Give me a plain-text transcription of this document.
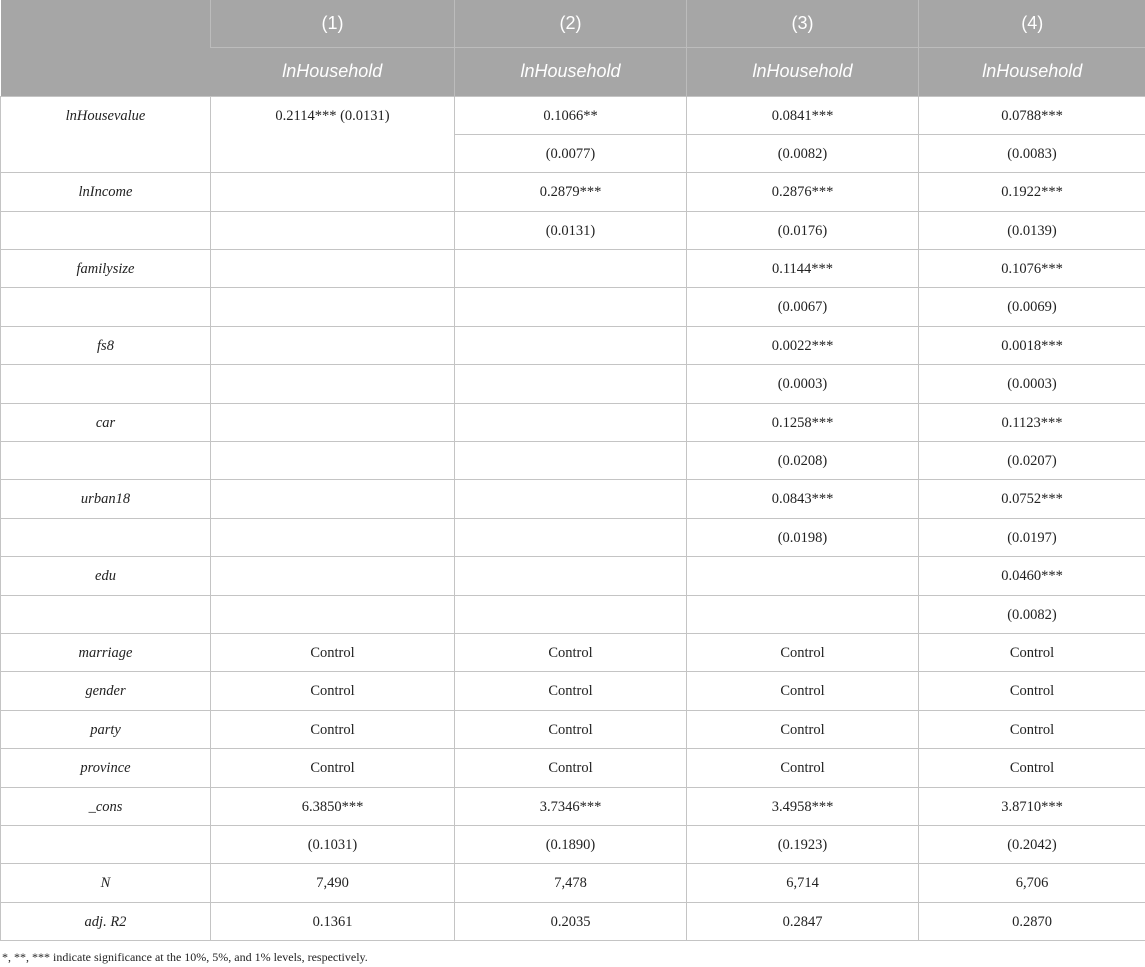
	(1)	(2)	(3)	(4)
	lnHousehold	lnHousehold	lnHousehold	lnHousehold
lnHousevalue	0.2114*** (0.0131)	0.1066**	0.0841***	0.0788***
		(0.0077)	(0.0082)	(0.0083)
lnIncome		0.2879***	0.2876***	0.1922***
		(0.0131)	(0.0176)	(0.0139)
familysize			0.1144***	0.1076***
			(0.0067)	(0.0069)
fs8			0.0022***	0.0018***
			(0.0003)	(0.0003)
car			0.1258***	0.1123***
			(0.0208)	(0.0207)
urban18			0.0843***	0.0752***
			(0.0198)	(0.0197)
edu				0.0460***
				(0.0082)
marriage	Control	Control	Control	Control
gender	Control	Control	Control	Control
party	Control	Control	Control	Control
province	Control	Control	Control	Control
_cons	6.3850***	3.7346***	3.4958***	3.8710***
	(0.1031)	(0.1890)	(0.1923)	(0.2042)
N	7,490	7,478	6,714	6,706
adj. R2	0.1361	0.2035	0.2847	0.2870
*, **, *** indicate significance at the 10%, 5%, and 1% levels, respectively.
